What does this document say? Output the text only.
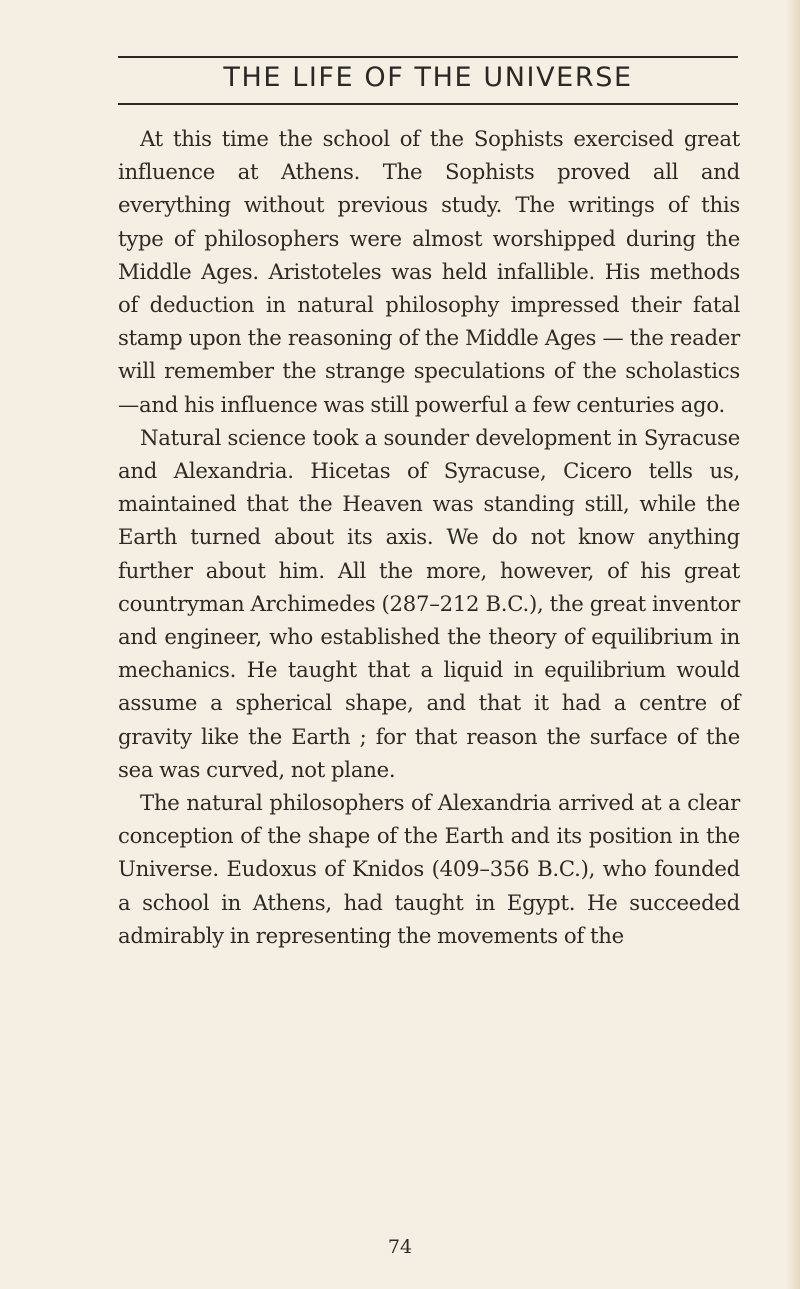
THE LIFE OF THE UNIVERSE

At this time the school of the Sophists exercised great influence at Athens. The Sophists proved all and everything without previous study. The writings of this type of philosophers were almost worshipped during the Middle Ages. Aristoteles was held infallible. His methods of deduction in natural philosophy impressed their fatal stamp upon the reasoning of the Middle Ages — the reader will remember the strange speculations of the scholastics—and his influence was still powerful a few centuries ago.

Natural science took a sounder development in Syracuse and Alexandria. Hicetas of Syracuse, Cicero tells us, maintained that the Heaven was standing still, while the Earth turned about its axis. We do not know anything further about him. All the more, however, of his great countryman Archimedes (287–212 B.C.), the great inventor and engineer, who established the theory of equilibrium in mechanics. He taught that a liquid in equilibrium would assume a spherical shape, and that it had a centre of gravity like the Earth ; for that reason the surface of the sea was curved, not plane.

The natural philosophers of Alexandria arrived at a clear conception of the shape of the Earth and its position in the Universe. Eudoxus of Knidos (409–356 B.C.), who founded a school in Athens, had taught in Egypt. He succeeded admirably in representing the movements of the

74
